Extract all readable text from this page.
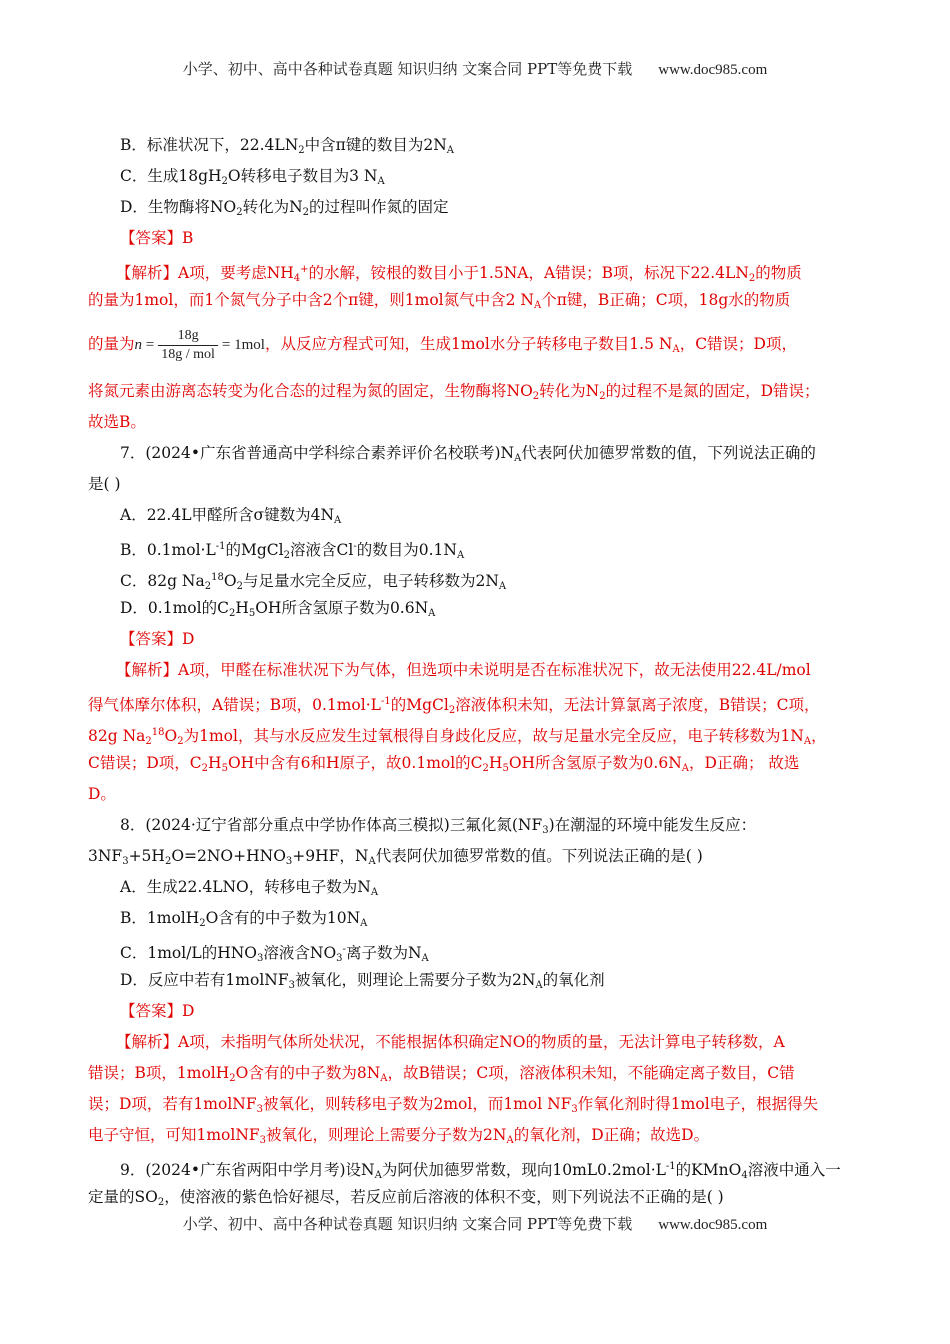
小学、初中、高中各种试卷真题 知识归纳 文案合同 PPT等免费下载 www.doc985.com
B．标准状况下，$22.4LN_2$中含π键的数目为$2N_A$
C．生成$18gH_2O$转移电子数目为3 $N_A$
D．生物酶将$NO_2$转化为$N_2$的过程叫作氮的固定
【答案】B
【解析】A项，要考虑$NH_4^+$的水解，铵根的数目小于1.5NA，A错误；B项，标况下$22.4LN_2$的物质
的量为1mol，而1个氮气分子中含2个π键，则1mol氮气中含2 $N_A$个π键，B正确；C项，18g水的物质
的量为$n = \frac{18g}{\text{18g / mol}} = 1mol$，从反应方程式可知，生成1mol水分子转移电子数目1.5 $N_A$，C错误；D项，
将氮元素由游离态转变为化合态的过程为氮的固定，生物酶将$NO_2$转化为$N_2$的过程不是氮的固定，D错误；
故选B。
7．(2024•广东省普通高中学科综合素养评价名校联考)$N_A$代表阿伏加德罗常数的值，下列说法正确的
是( )
A．22.4L甲醛所含σ键数为$4N_A$
B．$0.1mol\cdot L^{-1}$的MgCl$_2$溶液含Cl-的数目为$0.1N_A$
C．82g $Na_2^{18}O_2$与足量水完全反应，电子转移数为$2N_A$
D．0.1mol的$C_2H_5OH$所含氢原子数为$0.6N_A$
【答案】D
【解析】A项，甲醛在标准状况下为气体，但选项中未说明是否在标准状况下，故无法使用22.4L/mol
得气体摩尔体积，A错误；B项，$0.1mol\cdot L^{-1}$的MgCl$_2$溶液体积未知，无法计算氯离子浓度，B错误；C项，
82g $Na_2^{18}O_2$为1mol，其与水反应发生过氧根得自身歧化反应，故与足量水完全反应，电子转移数为$1N_A$，
C错误；D项，$C_2H_5OH$中含有6和H原子，故0.1mol的$C_2H_5OH$所含氢原子数为$0.6N_A$，D正确； 故选
D。
8．(2024·辽宁省部分重点中学协作体高三模拟)三氟化氮$(NF_3)$在潮湿的环境中能发生反应：
$3NF_3+5H_2O=2NO+HNO_3+9HF$，$N_A$代表阿伏加德罗常数的值。下列说法正确的是( )
A．生成22.4LNO，转移电子数为$N_A$
B．1molH$_2$O含有的中子数为$10N_A$
C．1mol/L的$HNO_3$溶液含$NO_3^-$离子数为$N_A$
D．反应中若有1molNF$_3$被氧化，则理论上需要分子数为$2N_A$的氧化剂
【答案】D
【解析】A项，未指明气体所处状况，不能根据体积确定NO的物质的量，无法计算电子转移数，A
错误；B项，1molH$_2$O含有的中子数为$8N_A$，故B错误；C项，溶液体积未知，不能确定离子数目，C错
误；D项，若有1molNF$_3$被氧化，则转移电子数为2mol，而1mol $NF_3$作氧化剂时得1mol电子，根据得失
电子守恒，可知1molNF$_3$被氧化，则理论上需要分子数为$2N_A$的氧化剂，D正确；故选D。
9．(2024•广东省两阳中学月考)设$N_A$为阿伏加德罗常数，现向$10mL0.2mol\cdot L^{-1}$的KMnO$_4$溶液中通入一
定量的$SO_2$，使溶液的紫色恰好褪尽，若反应前后溶液的体积不变，则下列说法不正确的是( )
小学、初中、高中各种试卷真题 知识归纳 文案合同 PPT等免费下载 www.doc985.com
